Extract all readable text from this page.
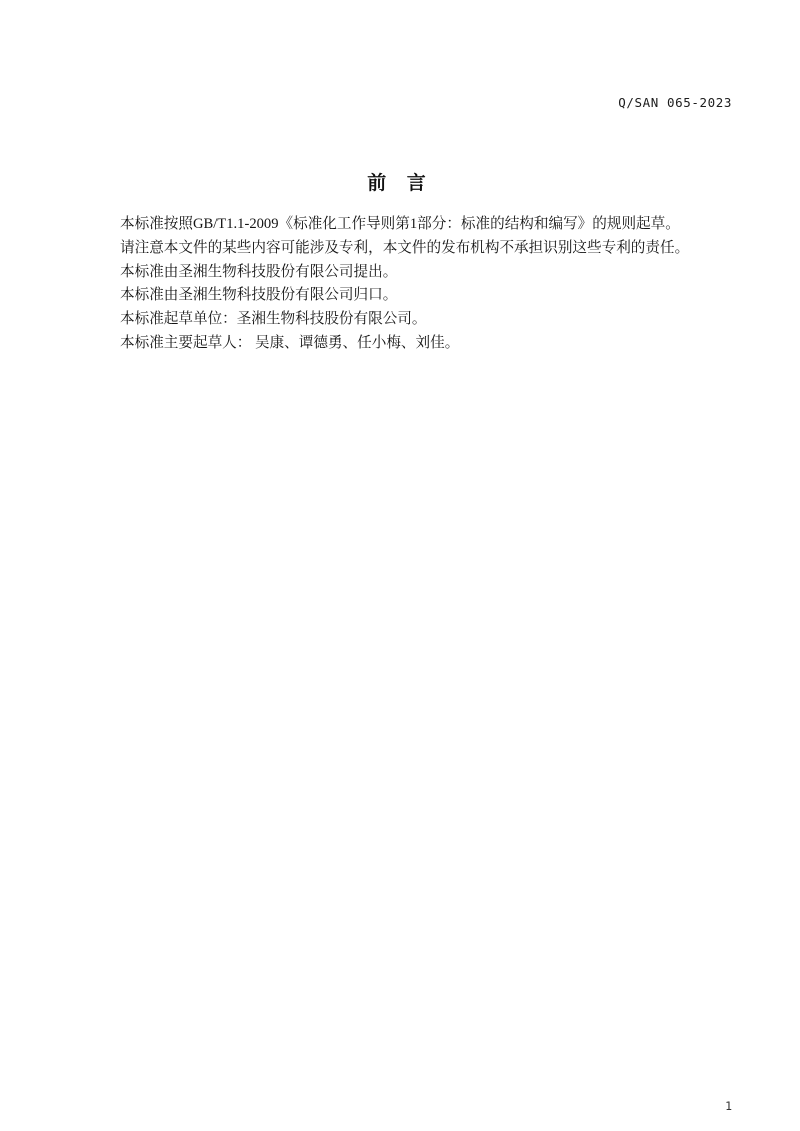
Q/SAN 065-2023
前 言
本标准按照GB/T1.1-2009《标准化工作导则第1部分：标准的结构和编写》的规则起草。
请注意本文件的某些内容可能涉及专利，本文件的发布机构不承担识别这些专利的责任。
本标准由圣湘生物科技股份有限公司提出。
本标准由圣湘生物科技股份有限公司归口。
本标准起草单位：圣湘生物科技股份有限公司。
本标准主要起草人： 吴康、谭德勇、任小梅、刘佳。
1
